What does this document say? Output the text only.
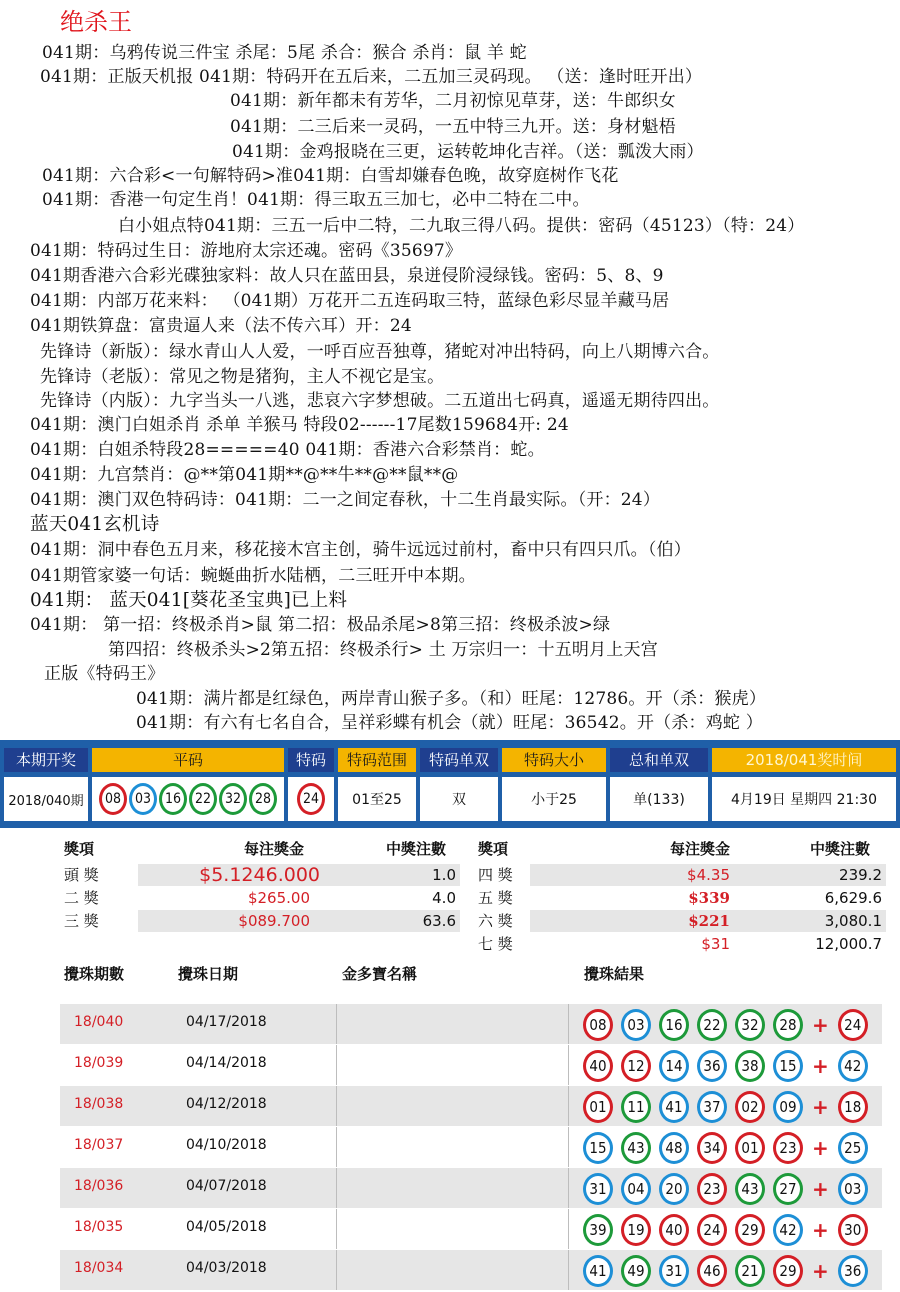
绝杀王
041期：乌鸦传说三件宝 杀尾：5尾 杀合：猴合 杀肖：鼠 羊 蛇
041期：正版天机报 041期：特码开在五后来，二五加三灵码现。 （送：逢时旺开出）
041期：新年都未有芳华，二月初惊见草芽，送：牛郎织女
041期：二三后来一灵码，一五中特三九开。送：身材魁梧
041期：金鸡报晓在三更，运转乾坤化吉祥。（送：瓢泼大雨）
041期：六合彩<一句解特码>准041期：白雪却嫌春色晚，故穿庭树作飞花
041期：香港一句定生肖！041期：得三取五三加七，必中二特在二中。
白小姐点特041期：三五一后中二特，二九取三得八码。提供：密码（45123）（特：24）
041期：特码过生日：游地府太宗还魂。密码《35697》
041期香港六合彩光碟独家料：故人只在蓝田县，泉迸侵阶浸绿钱。密码：5、8、9
041期：内部万花来料： （041期）万花开二五连码取三特，蓝绿色彩尽显羊藏马居
041期铁算盘：富贵逼人来（法不传六耳）开：24
先锋诗（新版）：绿水青山人人爱，一呼百应吾独尊，猪蛇对冲出特码，向上八期博六合。
先锋诗（老版）：常见之物是猪狗，主人不视它是宝。
先锋诗（内版）：九字当头一八逃，悲哀六字梦想破。二五道出七码真，遥遥无期待四出。
041期：澳门白姐杀肖 杀单 羊猴马 特段02------17尾数159684开: 24
041期：白姐杀特段28=====40 041期：香港六合彩禁肖：蛇。
041期：九宫禁肖：@**第041期**@**牛**@**鼠**@
041期：澳门双色特码诗：041期：二一之间定春秋，十二生肖最实际。（开：24）
蓝天041玄机诗
041期：洞中春色五月来，移花接木宫主创，骑牛远远过前村，畜中只有四只爪。（伯）
041期管家婆一句话：蜿蜒曲折水陆栖，二三旺开中本期。
041期： 蓝天041[葵花圣宝典]已上料
041期： 第一招：终极杀肖>鼠 第二招：极品杀尾>8第三招：终极杀波>绿
第四招：终极杀头>2第五招：终极杀行> 土 万宗归一：十五明月上天宫
正版《特码王》
041期：满片都是红绿色，两岸青山猴子多。（和）旺尾：12786。开（杀：猴虎）
041期：有六有七名自合，呈祥彩蝶有机会（就）旺尾：36542。开（杀：鸡蛇 ）
本期开奖	平码	特码	特码范围	特码单双	特码大小	总和单双	2018/041奖时间
2018/040期	08 03 16 22 32 28	24	01至25	双	小于25	单(133)	4月19日 星期四 21:30
獎項	每注獎金	中獎注數 獎項	每注獎金	中獎注數
頭 獎	$5.1246.000	1.0
二 獎	$265.00	4.0
三 獎	$089.700	63.6
四 獎	$4.35	239.2
五 獎	$339	6,629.6
六 獎	$221	3,080.1
七 獎	$31	12,000.7
攪珠期數	攪珠日期	金多寶名稱	攪珠結果
18/040	04/17/2018	08	03	16	22	32	28 +	24
18/039	04/14/2018	40	12	14	36	38	15 +	42
18/038	04/12/2018	01	11	41	37	02	09 +	18
18/037	04/10/2018	15	43	48	34	01	23 +	25
18/036	04/07/2018	31	04	20	23	43	27 +	03
18/035	04/05/2018	39	19	40	24	29	42 +	30
18/034	04/03/2018	41	49	31	46	21	29 +	36
